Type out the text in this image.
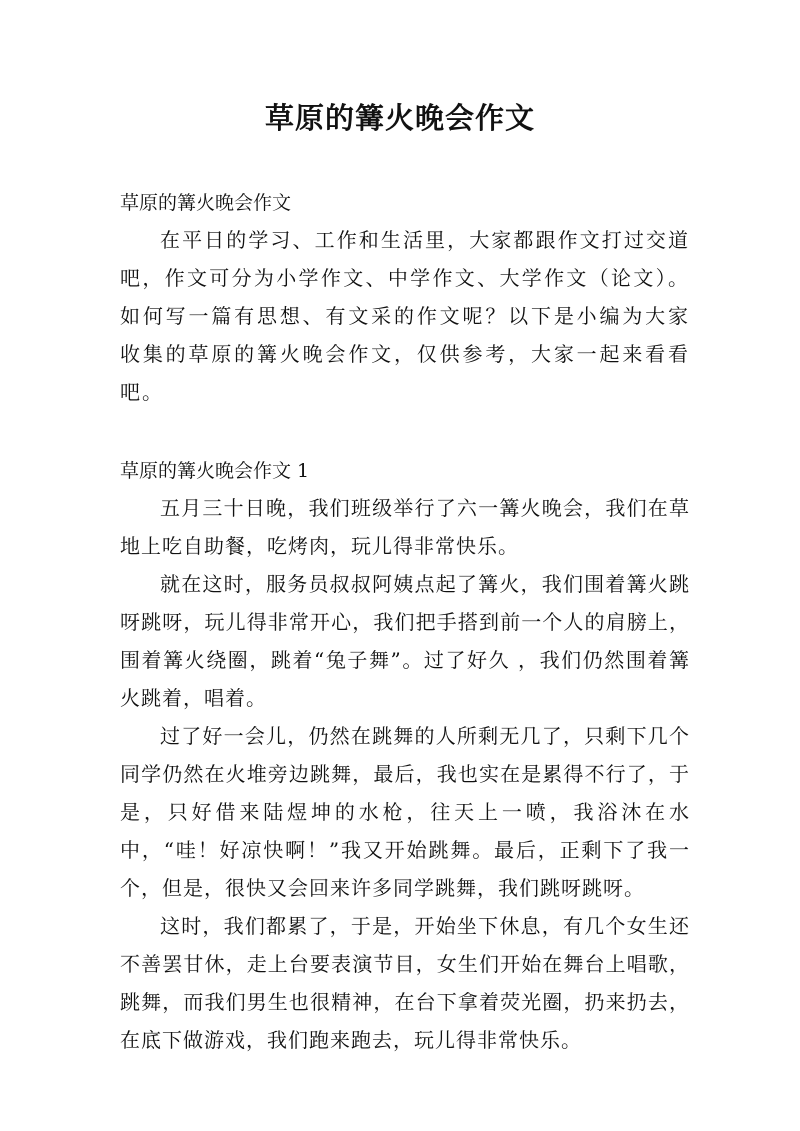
草原的篝火晚会作文

草原的篝火晚会作文

在平日的学习、工作和生活里，大家都跟作文打过交道吧，作文可分为小学作文、中学作文、大学作文（论文）。如何写一篇有思想、有文采的作文呢？以下是小编为大家收集的草原的篝火晚会作文，仅供参考，大家一起来看看吧。

草原的篝火晚会作文 1

五月三十日晚，我们班级举行了六一篝火晚会，我们在草地上吃自助餐，吃烤肉，玩儿得非常快乐。

就在这时，服务员叔叔阿姨点起了篝火，我们围着篝火跳呀跳呀，玩儿得非常开心，我们把手搭到前一个人的肩膀上，围着篝火绕圈，跳着“兔子舞”。过了好久 ，我们仍然围着篝火跳着，唱着。

过了好一会儿，仍然在跳舞的人所剩无几了，只剩下几个同学仍然在火堆旁边跳舞，最后，我也实在是累得不行了，于是，只好借来陆煜坤的水枪，往天上一喷，我浴沐在水中，“哇！好凉快啊！”我又开始跳舞。最后，正剩下了我一个，但是，很快又会回来许多同学跳舞，我们跳呀跳呀。

这时，我们都累了，于是，开始坐下休息，有几个女生还不善罢甘休，走上台要表演节目，女生们开始在舞台上唱歌，跳舞，而我们男生也很精神，在台下拿着荧光圈，扔来扔去，在底下做游戏，我们跑来跑去，玩儿得非常快乐。
